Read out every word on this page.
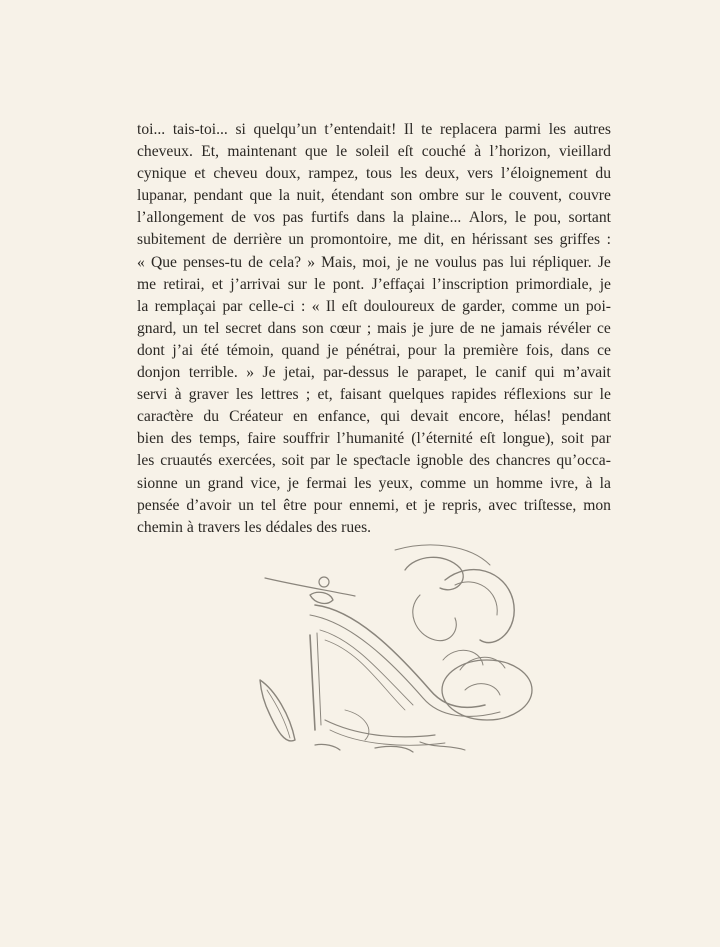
toi... tais-toi... si quelqu’un t’entendait! Il te replacera parmi les autres
cheveux. Et, maintenant que le soleil eſt couché à l’horizon, vieillard
cynique et cheveu doux, rampez, tous les deux, vers l’éloignement du
lupanar, pendant que la nuit, étendant son ombre sur le couvent, couvre
l’allongement de vos pas furtifs dans la plaine... Alors, le pou, sortant
subitement de derrière un promontoire, me dit, en hérissant ses griffes :
« Que penses-tu de cela? » Mais, moi, je ne voulus pas lui répliquer. Je
me retirai, et j’arrivai sur le pont. J’effaçai l’inscription primordiale, je
la remplaçai par celle-ci : « Il eſt douloureux de garder, comme un poi-
gnard, un tel secret dans son cœur ; mais je jure de ne jamais révéler ce
dont j’ai été témoin, quand je pénétrai, pour la première fois, dans ce
donjon terrible. » Je jetai, par-dessus le parapet, le canif qui m’avait
servi à graver les lettres ; et, faisant quelques rapides réflexions sur le
caraƈtère du Créateur en enfance, qui devait encore, hélas! pendant
bien des temps, faire souffrir l’humanité (l’éternité eſt longue), soit par
les cruautés exercées, soit par le speƈtacle ignoble des chancres qu’occa-
sionne un grand vice, je fermai les yeux, comme un homme ivre, à la
pensée d’avoir un tel être pour ennemi, et je repris, avec triſtesse, mon
chemin à travers les dédales des rues.
